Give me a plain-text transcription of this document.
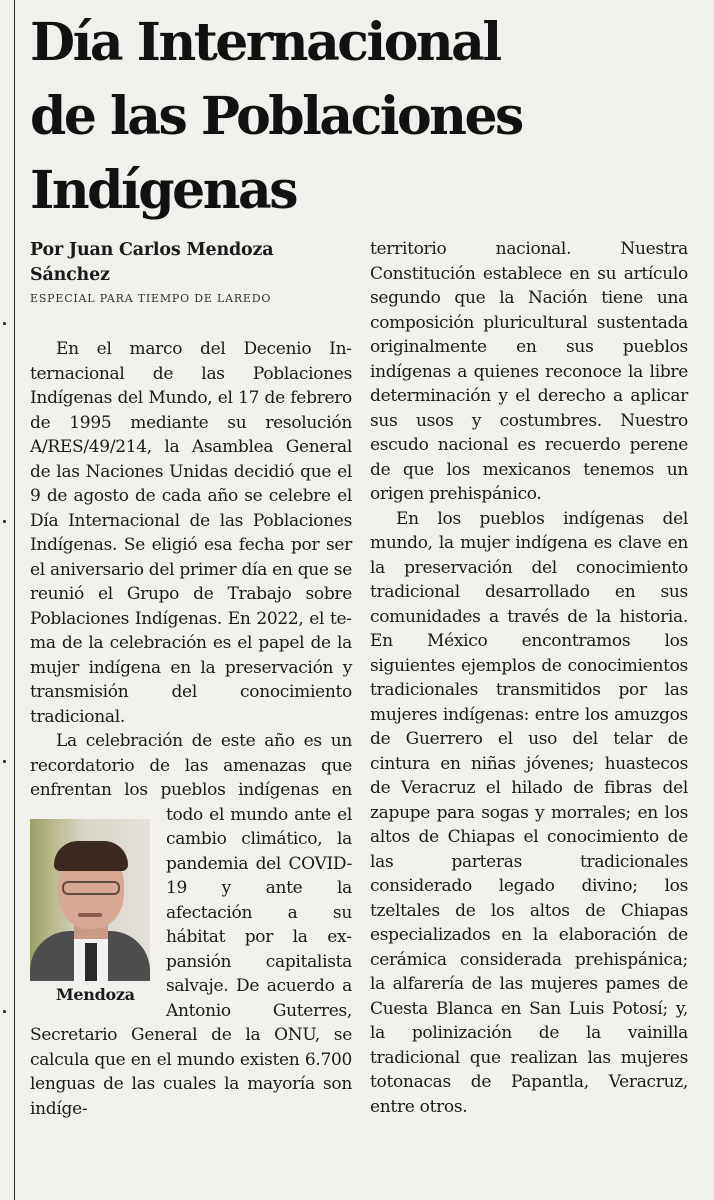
Día Internacional
de las Poblaciones
Indígenas
Por Juan Carlos Mendoza Sánchez
ESPECIAL PARA TIEMPO DE LAREDO

En el marco del Decenio Internacional de las Poblaciones Indígenas del Mundo, el 17 de febrero de 1995 mediante su resolución A/RES/49/214, la Asamblea General de las Naciones Unidas decidió que el 9 de agosto de cada año se celebre el Día Internacional de las Poblaciones Indígenas. Se eligió esa fecha por ser el aniversario del primer día en que se reunió el Grupo de Trabajo sobre Poblaciones Indígenas. En 2022, el tema de la celebración es el papel de la mujer indígena en la preservación y transmisión del conocimiento tradicional.

La celebración de este año es un recordatorio de las amenazas que enfrentan los pueblos indígenas
Mendoza
en todo el mundo ante el cambio climático, la pandemia del COVID-19 y ante la afectación a su hábitat por la expansión capitalista salvaje. De acuerdo a Antonio Guterres, Secretario General de la ONU, se calcula que en el mundo existen 6.700 lenguas de las cuales la mayoría son indíge-

territorio nacional. Nuestra Constitución establece en su artículo segundo que la Nación tiene una composición pluricultural sustentada originalmente en sus pueblos indígenas a quienes reconoce la libre determinación y el derecho a aplicar sus usos y costumbres. Nuestro escudo nacional es recuerdo perene de que los mexicanos tenemos un origen prehispánico.

En los pueblos indígenas del mundo, la mujer indígena es clave en la preservación del conocimiento tradicional desarrollado en sus comunidades a través de la historia. En México encontramos los siguientes ejemplos de conocimientos tradicionales transmitidos por las mujeres indígenas: entre los amuzgos de Guerrero el uso del telar de cintura en niñas jóvenes; huastecos de Veracruz el hilado de fibras del zapupe para sogas y morrales; en los altos de Chiapas el conocimiento de las parteras tradicionales considerado legado divino; los tzeltales de los altos de Chiapas especializados en la elaboración de cerámica considerada prehispánica; la alfarería de las mujeres pames de Cuesta Blanca en San Luis Potosí; y, la polinización de la vainilla tradicional que realizan las mujeres totonacas de Papantla, Veracruz, entre otros.
